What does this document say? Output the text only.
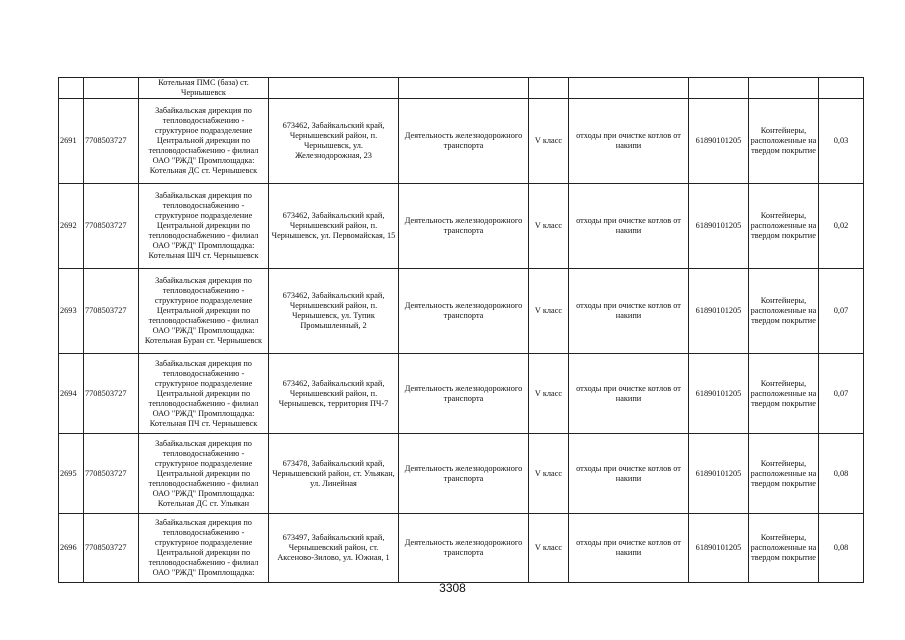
		Котельная ПМС (база) ст. Чернышевск							
2691	7708503727	Забайкальская дирекция по тепловодоснабжению - структурное подразделение Центральной дирекции по тепловодоснабжению - филиал ОАО "РЖД" Промплощадка: Котельная ДС ст. Чернышевск	673462, Забайкальский край, Чернышевский район, п. Чернышевск, ул. Железнодорожная, 23	Деятельность железнодорожного транспорта	V класс	отходы при очистке котлов от накипи	61890101205	Контейнеры, расположенные на твердом покрытие	0,03
2692	7708503727	Забайкальская дирекция по тепловодоснабжению - структурное подразделение Центральной дирекции по тепловодоснабжению - филиал ОАО "РЖД" Промплощадка: Котельная ШЧ ст. Чернышевск	673462, Забайкальский край, Чернышевский район, п. Чернышевск, ул. Первомайская, 15	Деятельность железнодорожного транспорта	V класс	отходы при очистке котлов от накипи	61890101205	Контейнеры, расположенные на твердом покрытие	0,02
2693	7708503727	Забайкальская дирекция по тепловодоснабжению - структурное подразделение Центральной дирекции по тепловодоснабжению - филиал ОАО "РЖД" Промплощадка: Котельная Буран ст. Чернышевск	673462, Забайкальский край, Чернышевский район, п. Чернышевск, ул. Тупик Промышленный, 2	Деятельность железнодорожного транспорта	V класс	отходы при очистке котлов от накипи	61890101205	Контейнеры, расположенные на твердом покрытие	0,07
2694	7708503727	Забайкальская дирекция по тепловодоснабжению - структурное подразделение Центральной дирекции по тепловодоснабжению - филиал ОАО "РЖД" Промплощадка: Котельная ПЧ ст. Чернышевск	673462, Забайкальский край, Чернышевский район, п. Чернышевск, территория ПЧ-7	Деятельность железнодорожного транспорта	V класс	отходы при очистке котлов от накипи	61890101205	Контейнеры, расположенные на твердом покрытие	0,07
2695	7708503727	Забайкальская дирекция по тепловодоснабжению - структурное подразделение Центральной дирекции по тепловодоснабжению - филиал ОАО "РЖД" Промплощадка: Котельная ДС ст. Ульякан	673478, Забайкальский край, Чернышевский район, ст. Ульякан, ул. Линейная	Деятельность железнодорожного транспорта	V класс	отходы при очистке котлов от накипи	61890101205	Контейнеры, расположенные на твердом покрытие	0,08
2696	7708503727	Забайкальская дирекция по тепловодоснабжению - структурное подразделение Центральной дирекции по тепловодоснабжению - филиал ОАО "РЖД" Промплощадка:	673497, Забайкальский край, Чернышевский район, ст. Аксеново-Зилово, ул. Южная, 1	Деятельность железнодорожного транспорта	V класс	отходы при очистке котлов от накипи	61890101205	Контейнеры, расположенные на твердом покрытие	0,08
3308
